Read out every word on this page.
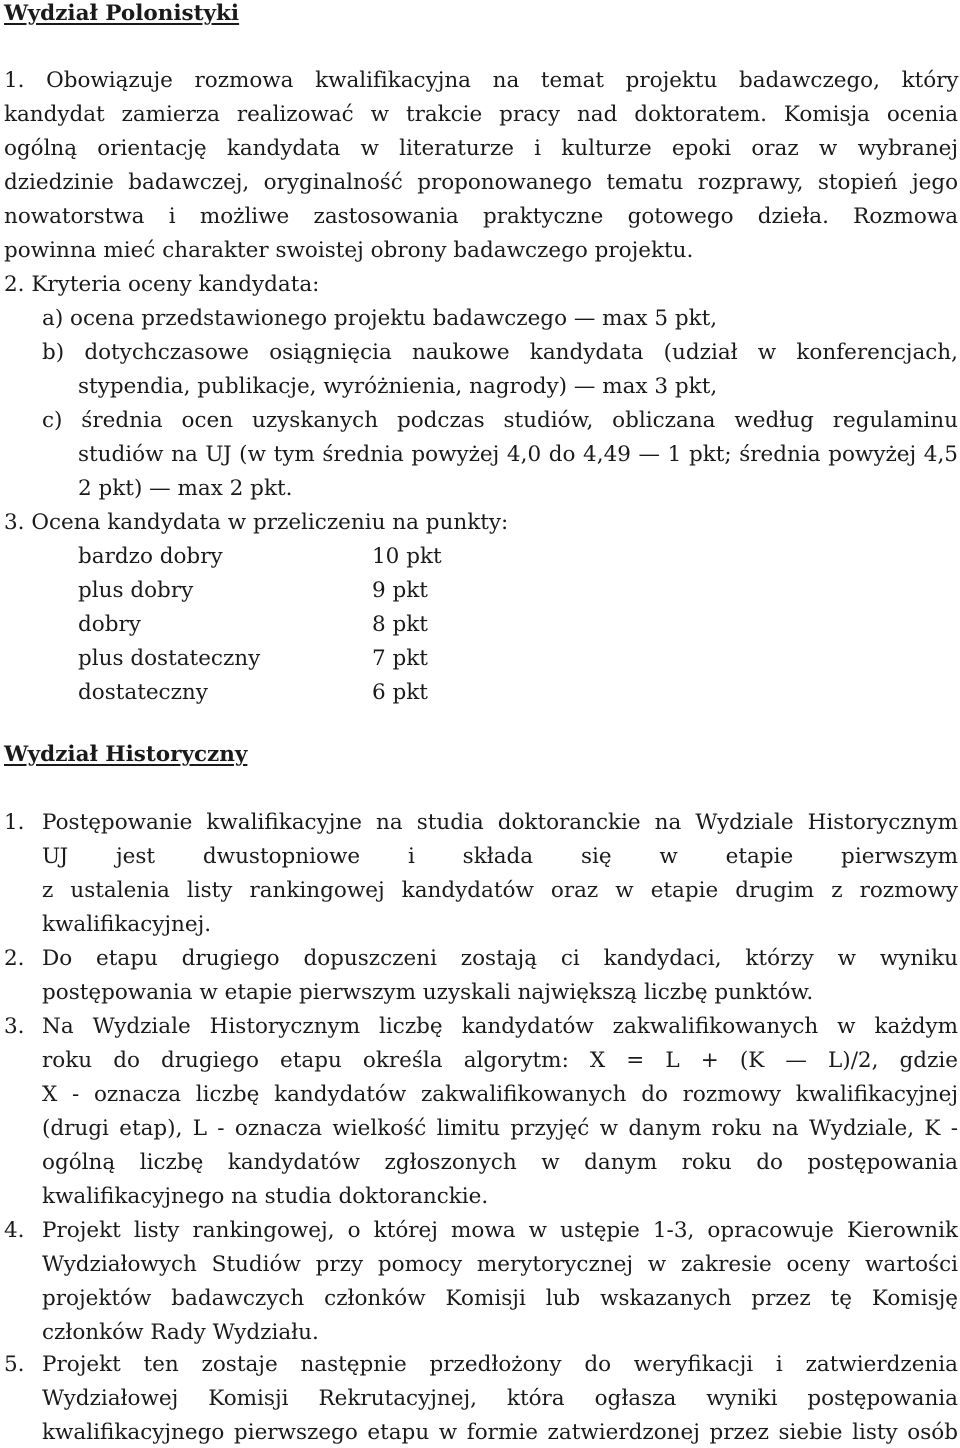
Wydział Polonistyki
1. Obowiązuje rozmowa kwalifikacyjna na temat projektu badawczego, który
kandydat zamierza realizować w trakcie pracy nad doktoratem. Komisja ocenia
ogólną orientację kandydata w literaturze i kulturze epoki oraz w wybranej
dziedzinie badawczej, oryginalność proponowanego tematu rozprawy, stopień jego
nowatorstwa i możliwe zastosowania praktyczne gotowego dzieła. Rozmowa
powinna mieć charakter swoistej obrony badawczego projektu.
2. Kryteria oceny kandydata:
a) ocena przedstawionego projektu badawczego — max 5 pkt,
b) dotychczasowe osiągnięcia naukowe kandydata (udział w konferencjach,
stypendia, publikacje, wyróżnienia, nagrody) — max 3 pkt,
c) średnia ocen uzyskanych podczas studiów, obliczana według regulaminu
studiów na UJ (w tym średnia powyżej 4,0 do 4,49 — 1 pkt; średnia powyżej 4,5
2 pkt) — max 2 pkt.
3. Ocena kandydata w przeliczeniu na punkty:
bardzo dobry	10 pkt
plus dobry	9 pkt
dobry	8 pkt
plus dostateczny	7 pkt
dostateczny	6 pkt
Wydział Historyczny
1. Postępowanie kwalifikacyjne na studia doktoranckie na Wydziale Historycznym
UJ jest dwustopniowe i składa się w etapie pierwszym
z ustalenia listy rankingowej kandydatów oraz w etapie drugim z rozmowy
kwalifikacyjnej.
2. Do etapu drugiego dopuszczeni zostają ci kandydaci, którzy w wyniku
postępowania w etapie pierwszym uzyskali największą liczbę punktów.
3. Na Wydziale Historycznym liczbę kandydatów zakwalifikowanych w każdym
roku do drugiego etapu określa algorytm: X = L + (K — L)/2, gdzie
X - oznacza liczbę kandydatów zakwalifikowanych do rozmowy kwalifikacyjnej
(drugi etap), L - oznacza wielkość limitu przyjęć w danym roku na Wydziale, K -
ogólną liczbę kandydatów zgłoszonych w danym roku do postępowania
kwalifikacyjnego na studia doktoranckie.
4. Projekt listy rankingowej, o której mowa w ustępie 1-3, opracowuje Kierownik
Wydziałowych Studiów przy pomocy merytorycznej w zakresie oceny wartości
projektów badawczych członków Komisji lub wskazanych przez tę Komisję
członków Rady Wydziału.
5. Projekt ten zostaje następnie przedłożony do weryfikacji i zatwierdzenia
Wydziałowej Komisji Rekrutacyjnej, która ogłasza wyniki postępowania
kwalifikacyjnego pierwszego etapu w formie zatwierdzonej przez siebie listy osób
